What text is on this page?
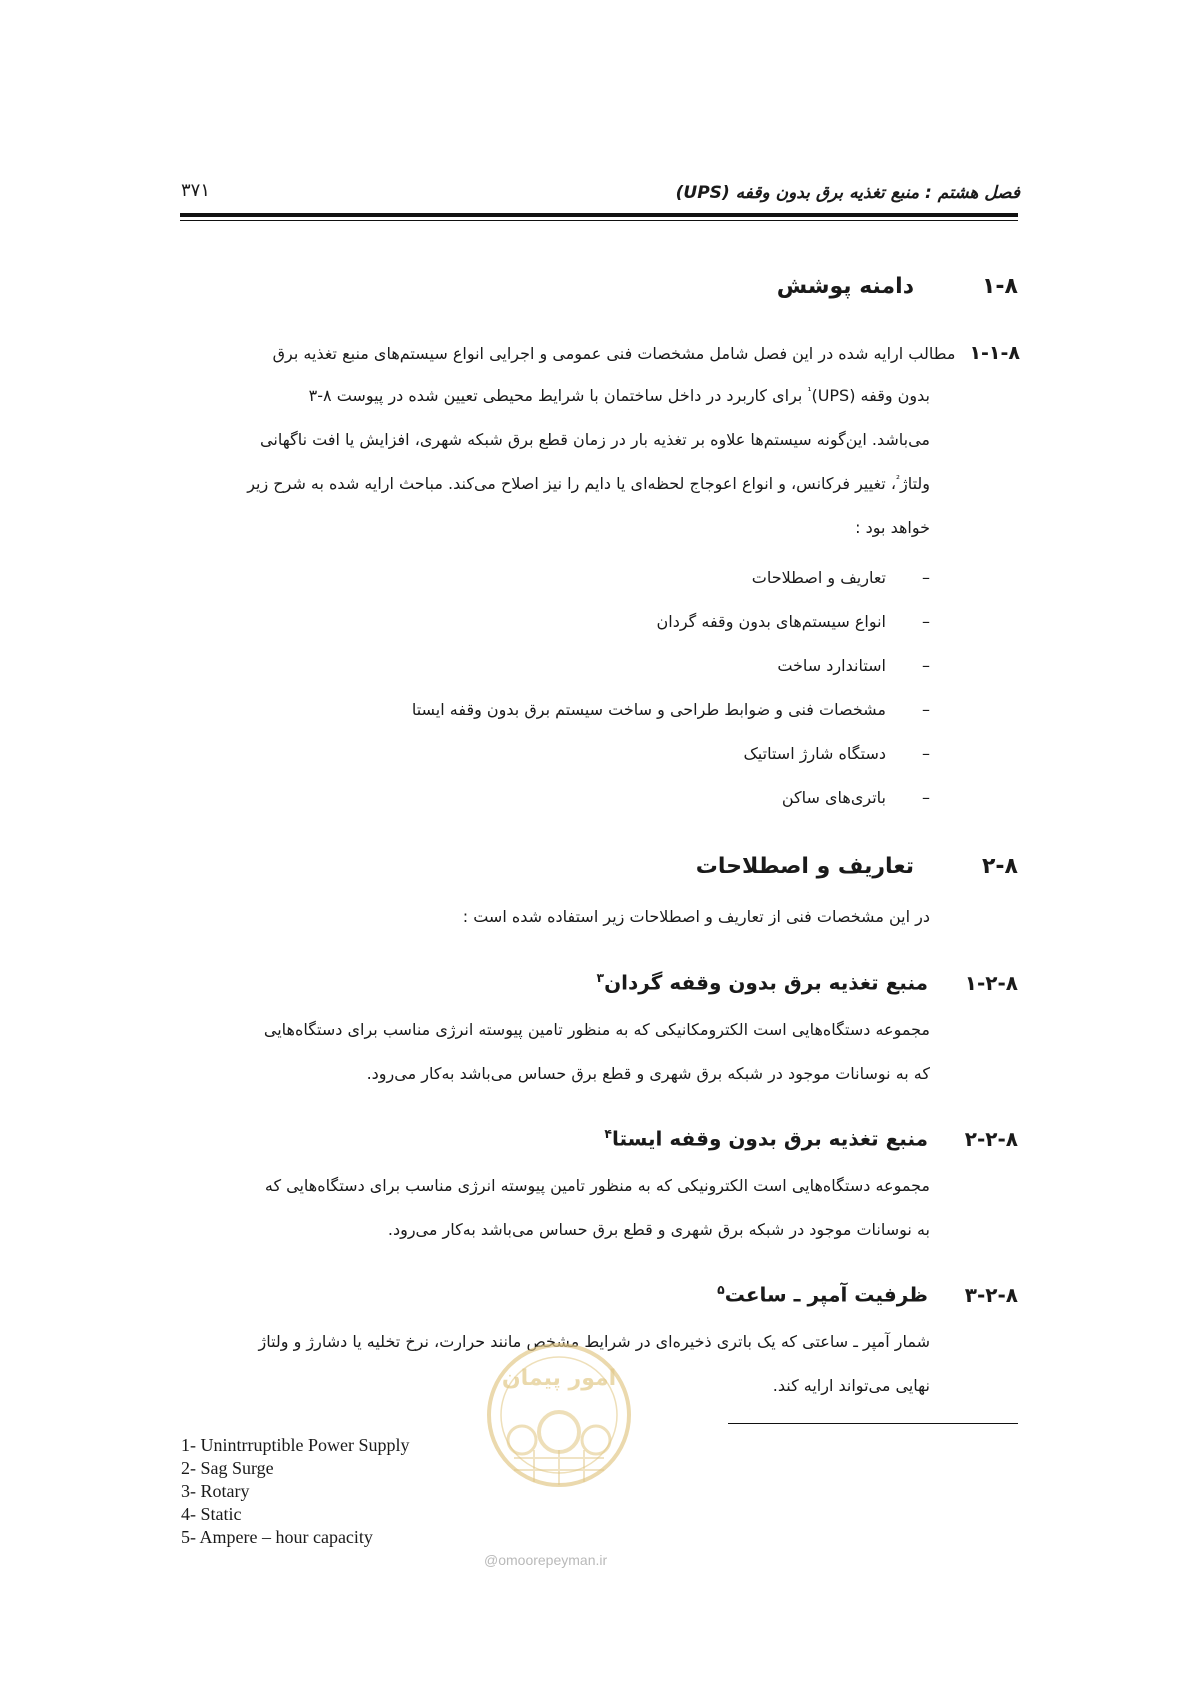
فصل هشتم : منبع تغذیه برق بدون وقفه (UPS)
۳۷۱
۱-۸دامنه پوشش
۱-۱-۸مطالب ارایه شده در این فصل شامل مشخصات فنی عمومی و اجرایی انواع سیستم‌های منبع تغذیه برق
بدون وقفه (UPS)$^{^1}$ برای کاربرد در داخل ساختمان با شرایط محیطی تعیین شده در پیوست ۸-۳
می‌باشد. این‌گونه سیستم‌ها علاوه بر تغذیه بار در زمان قطع برق شبکه شهری، افزایش یا افت ناگهانی
ولتاژ$^{^2}$، تغییر فرکانس، و انواع اعوجاج لحظه‌ای یا دایم را نیز اصلاح می‌کند. مباحث ارایه شده به شرح زیر
خواهد بود :
–تعاریف و اصطلاحات
–انواع سیستم‌های بدون وقفه گردان
–استاندارد ساخت
–مشخصات فنی و ضوابط طراحی و ساخت سیستم برق بدون وقفه ایستا
–دستگاه شارژ استاتیک
–باتری‌های ساکن
۲-۸تعاریف و اصطلاحات
در این مشخصات فنی از تعاریف و اصطلاحات زیر استفاده شده است :
۱-۲-۸منبع تغذیه برق بدون وقفه گردان$^۳$
مجموعه دستگاه‌هایی است الکترومکانیکی که به منظور تامین پیوسته انرژی مناسب برای دستگاه‌هایی
که به نوسانات موجود در شبکه برق شهری و قطع برق حساس می‌باشد به‌کار می‌رود.
۲-۲-۸منبع تغذیه برق بدون وقفه ایستا$^۴$
مجموعه دستگاه‌هایی است الکترونیکی که به منظور تامین پیوسته انرژی مناسب برای دستگاه‌هایی که
به نوسانات موجود در شبکه برق شهری و قطع برق حساس می‌باشد به‌کار می‌رود.
۳-۲-۸ظرفیت آمپر ـ ساعت$^۵$
شمار آمپر ـ ساعتی که یک باتری ذخیره‌ای در شرایط مشخص مانند حرارت، نرخ تخلیه یا دشارژ و ولتاژ
نهایی می‌تواند ارایه کند.
امور پیمان
@omoorepeyman.ir
1- Unintrruptible Power Supply
2- Sag Surge
3- Rotary
4- Static
5- Ampere – hour capacity
